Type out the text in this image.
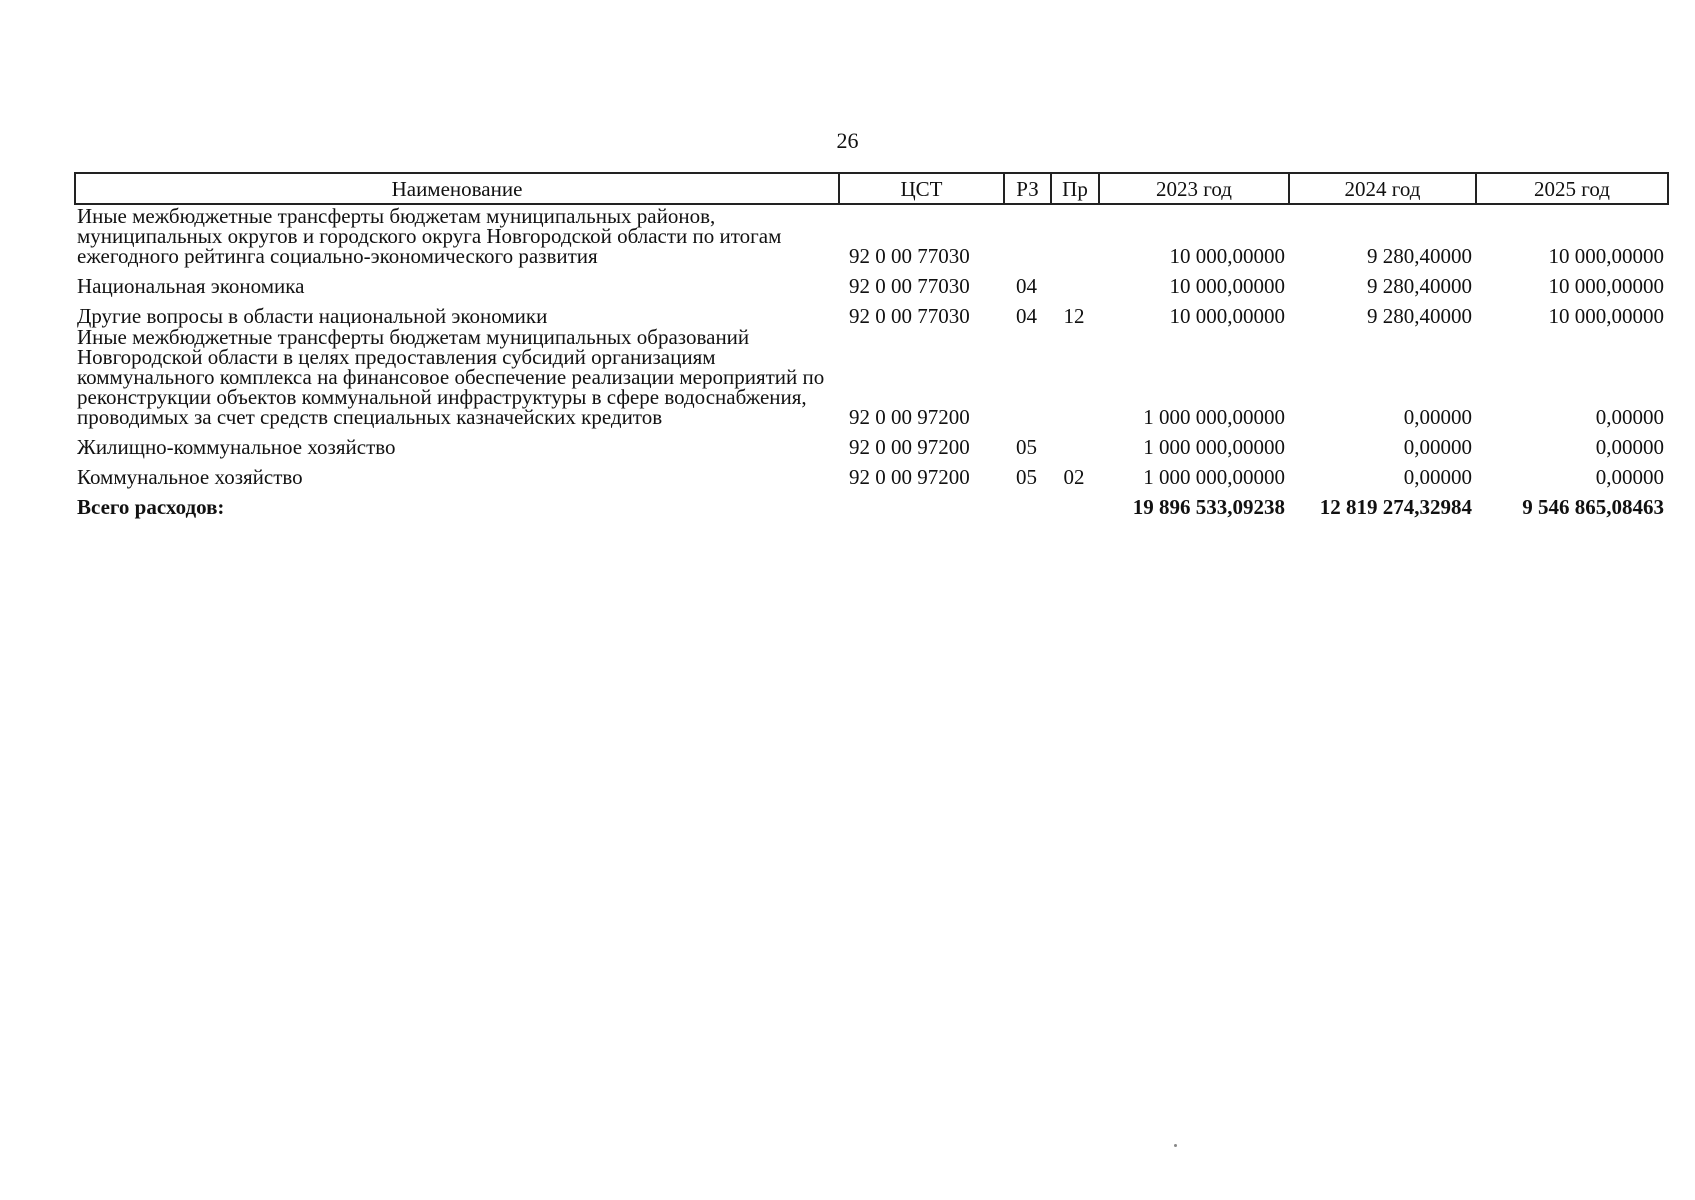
26
Наименование	ЦСТ	РЗ	Пр	2023 год	2024 год	2025 год
Иные межбюджетные трансферты бюджетам муниципальных районов, муниципальных округов и городского округа Новгородской области по итогам ежегодного рейтинга социально-экономического развития	92 0 00 77030			10 000,00000	9 280,40000	10 000,00000
Национальная экономика	92 0 00 77030	04		10 000,00000	9 280,40000	10 000,00000
Другие вопросы в области национальной экономики	92 0 00 77030	04	12	10 000,00000	9 280,40000	10 000,00000
Иные межбюджетные трансферты бюджетам муниципальных образований Новгородской области в целях предоставления субсидий организациям коммунального комплекса на финансовое обеспечение реализации мероприятий по реконструкции объектов коммунальной инфраструктуры в сфере водоснабжения, проводимых за счет средств специальных казначейских кредитов	92 0 00 97200			1 000 000,00000	0,00000	0,00000
Жилищно-коммунальное хозяйство	92 0 00 97200	05		1 000 000,00000	0,00000	0,00000
Коммунальное хозяйство	92 0 00 97200	05	02	1 000 000,00000	0,00000	0,00000
Всего расходов:				19 896 533,09238	12 819 274,32984	9 546 865,08463
